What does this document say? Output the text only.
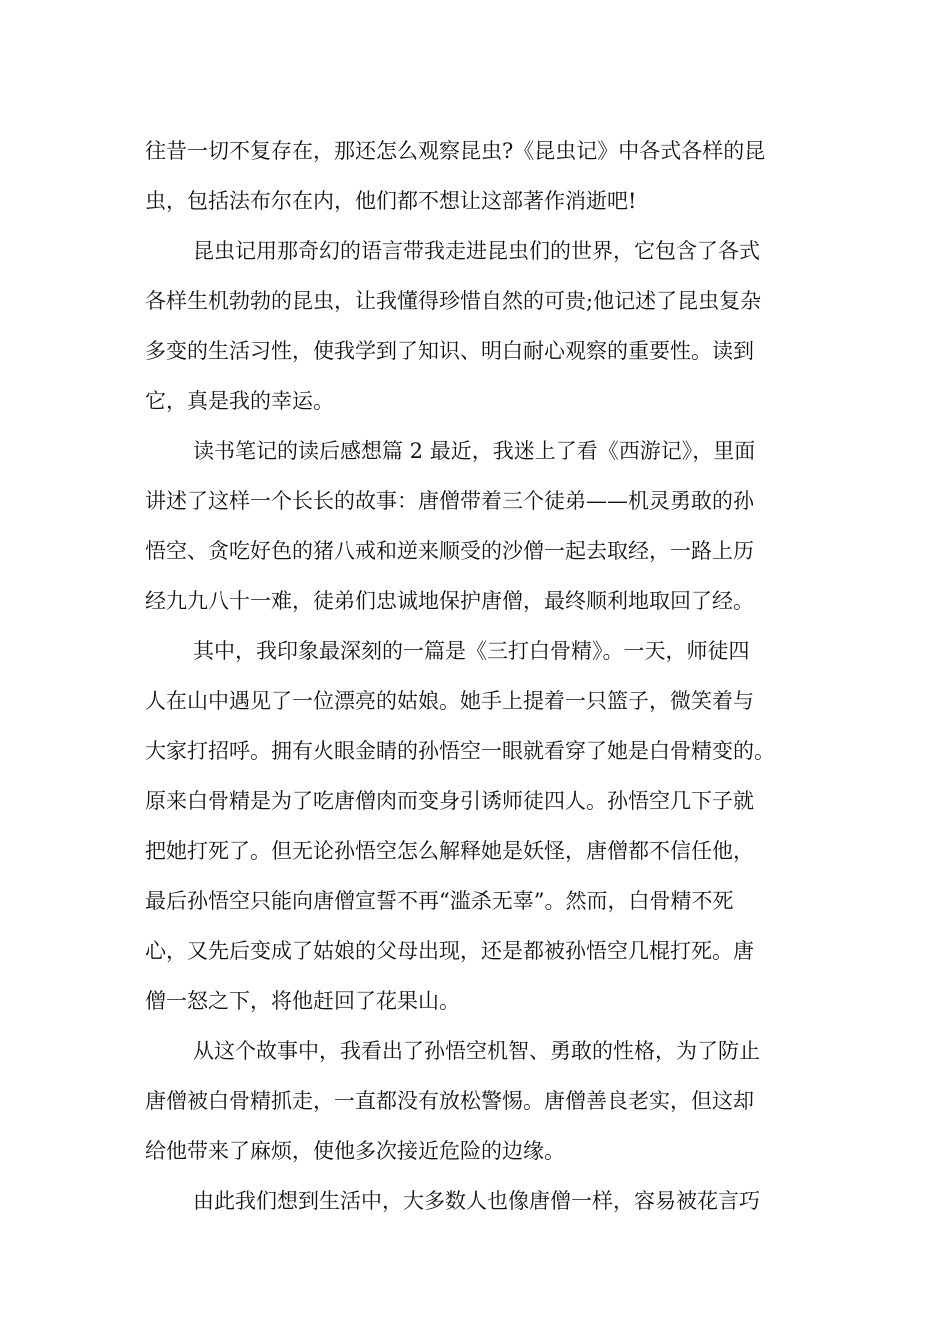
往昔一切不复存在，那还怎么观察昆虫?《昆虫记》中各式各样的昆
虫，包括法布尔在内，他们都不想让这部著作消逝吧!
昆虫记用那奇幻的语言带我走进昆虫们的世界，它包含了各式
各样生机勃勃的昆虫，让我懂得珍惜自然的可贵;他记述了昆虫复杂
多变的生活习性，使我学到了知识、明白耐心观察的重要性。读到
它，真是我的幸运。
读书笔记的读后感想篇 2 最近，我迷上了看《西游记》，里面
讲述了这样一个长长的故事：唐僧带着三个徒弟——机灵勇敢的孙
悟空、贪吃好色的猪八戒和逆来顺受的沙僧一起去取经，一路上历
经九九八十一难，徒弟们忠诚地保护唐僧，最终顺利地取回了经。
其中，我印象最深刻的一篇是《三打白骨精》。一天，师徒四
人在山中遇见了一位漂亮的姑娘。她手上提着一只篮子，微笑着与
大家打招呼。拥有火眼金睛的孙悟空一眼就看穿了她是白骨精变的。
原来白骨精是为了吃唐僧肉而变身引诱师徒四人。孙悟空几下子就
把她打死了。但无论孙悟空怎么解释她是妖怪，唐僧都不信任他，
最后孙悟空只能向唐僧宣誓不再“滥杀无辜”。然而，白骨精不死
心，又先后变成了姑娘的父母出现，还是都被孙悟空几棍打死。唐
僧一怒之下，将他赶回了花果山。
从这个故事中，我看出了孙悟空机智、勇敢的性格，为了防止
唐僧被白骨精抓走，一直都没有放松警惕。唐僧善良老实，但这却
给他带来了麻烦，使他多次接近危险的边缘。
由此我们想到生活中，大多数人也像唐僧一样，容易被花言巧
